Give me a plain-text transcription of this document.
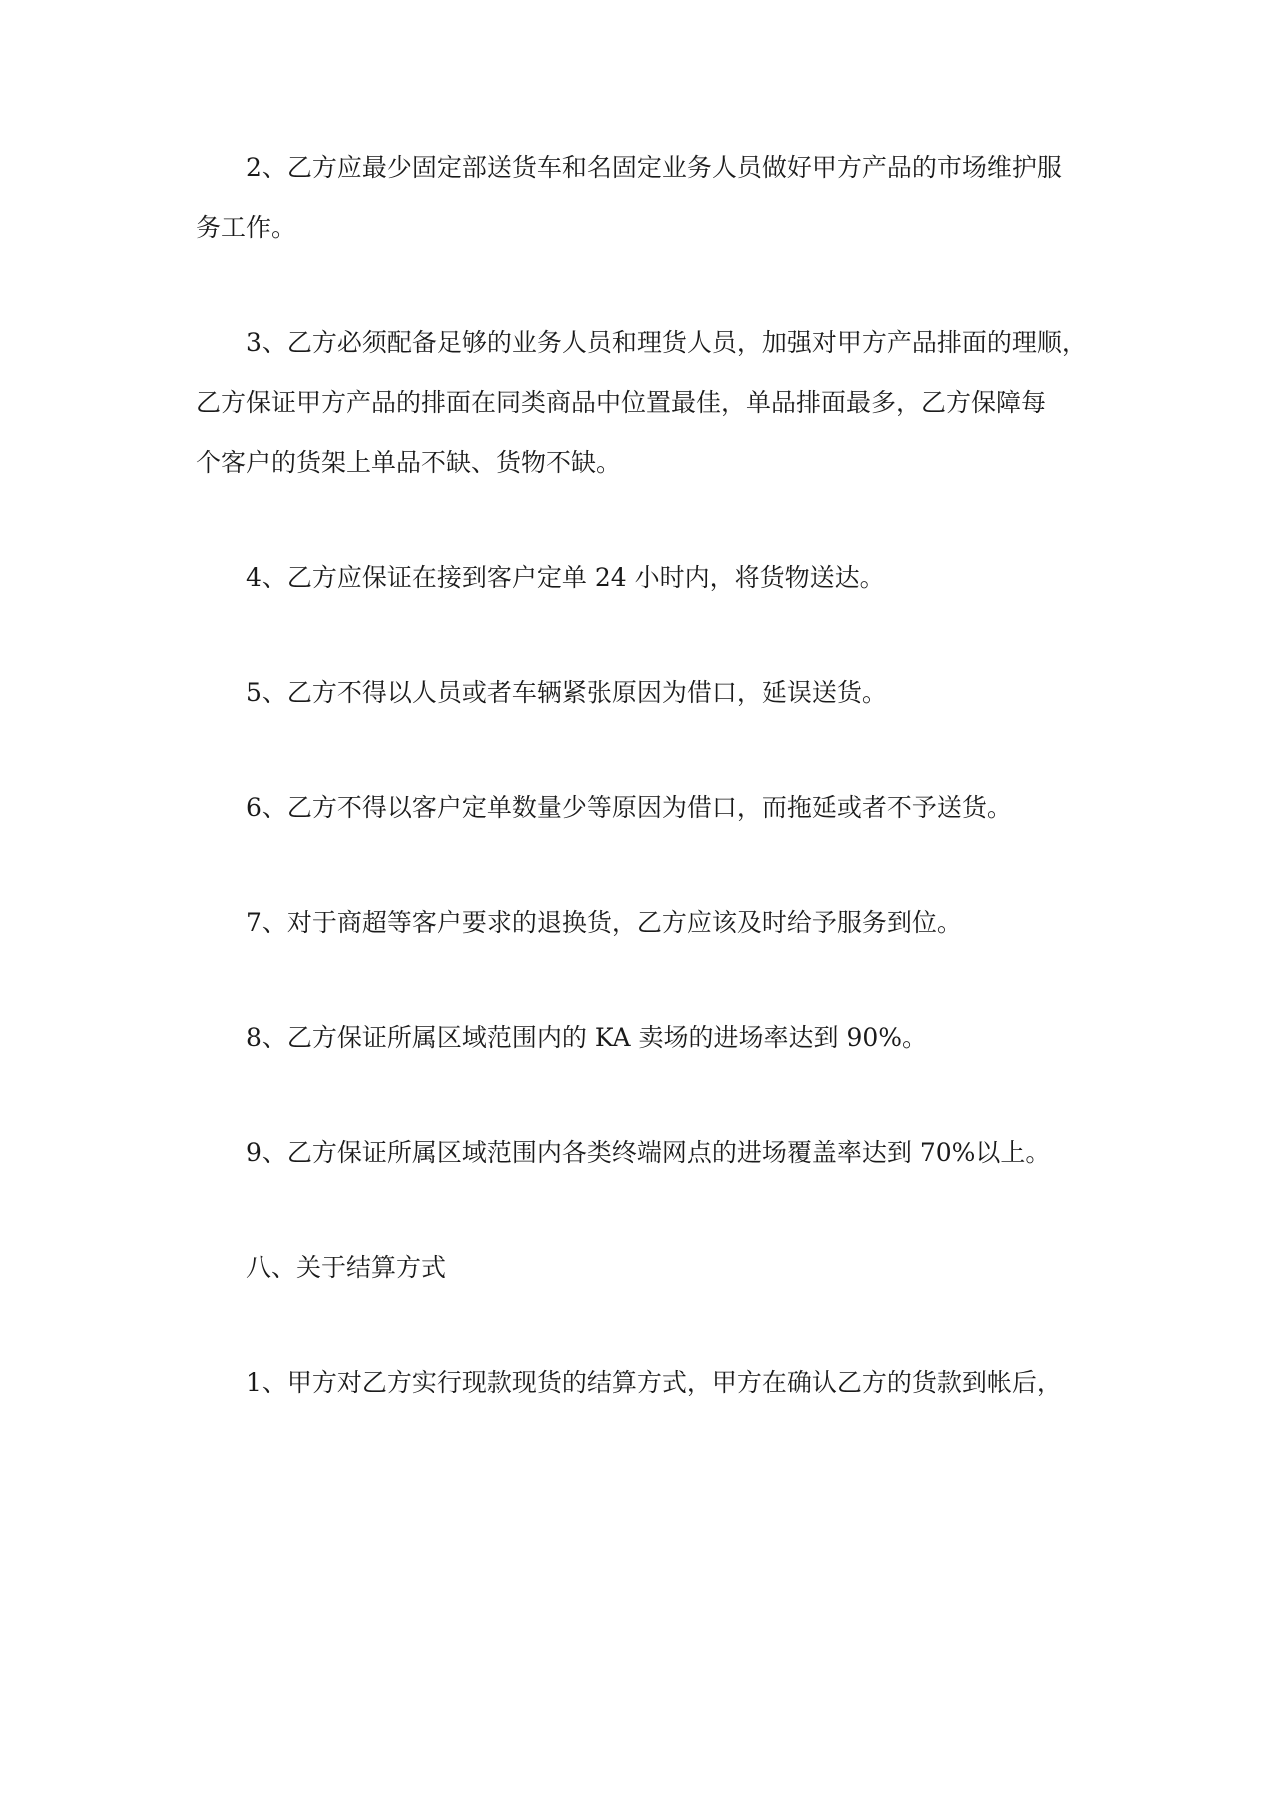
2、乙方应最少固定部送货车和名固定业务人员做好甲方产品的市场维护服
务工作。
3、乙方必须配备足够的业务人员和理货人员，加强对甲方产品排面的理顺，
乙方保证甲方产品的排面在同类商品中位置最佳，单品排面最多，乙方保障每
个客户的货架上单品不缺、货物不缺。
4、乙方应保证在接到客户定单 24 小时内，将货物送达。
5、乙方不得以人员或者车辆紧张原因为借口，延误送货。
6、乙方不得以客户定单数量少等原因为借口，而拖延或者不予送货。
7、对于商超等客户要求的退换货，乙方应该及时给予服务到位。
8、乙方保证所属区域范围内的 KA 卖场的进场率达到 90%。
9、乙方保证所属区域范围内各类终端网点的进场覆盖率达到 70%以上。
八、关于结算方式
1、甲方对乙方实行现款现货的结算方式，甲方在确认乙方的货款到帐后，
